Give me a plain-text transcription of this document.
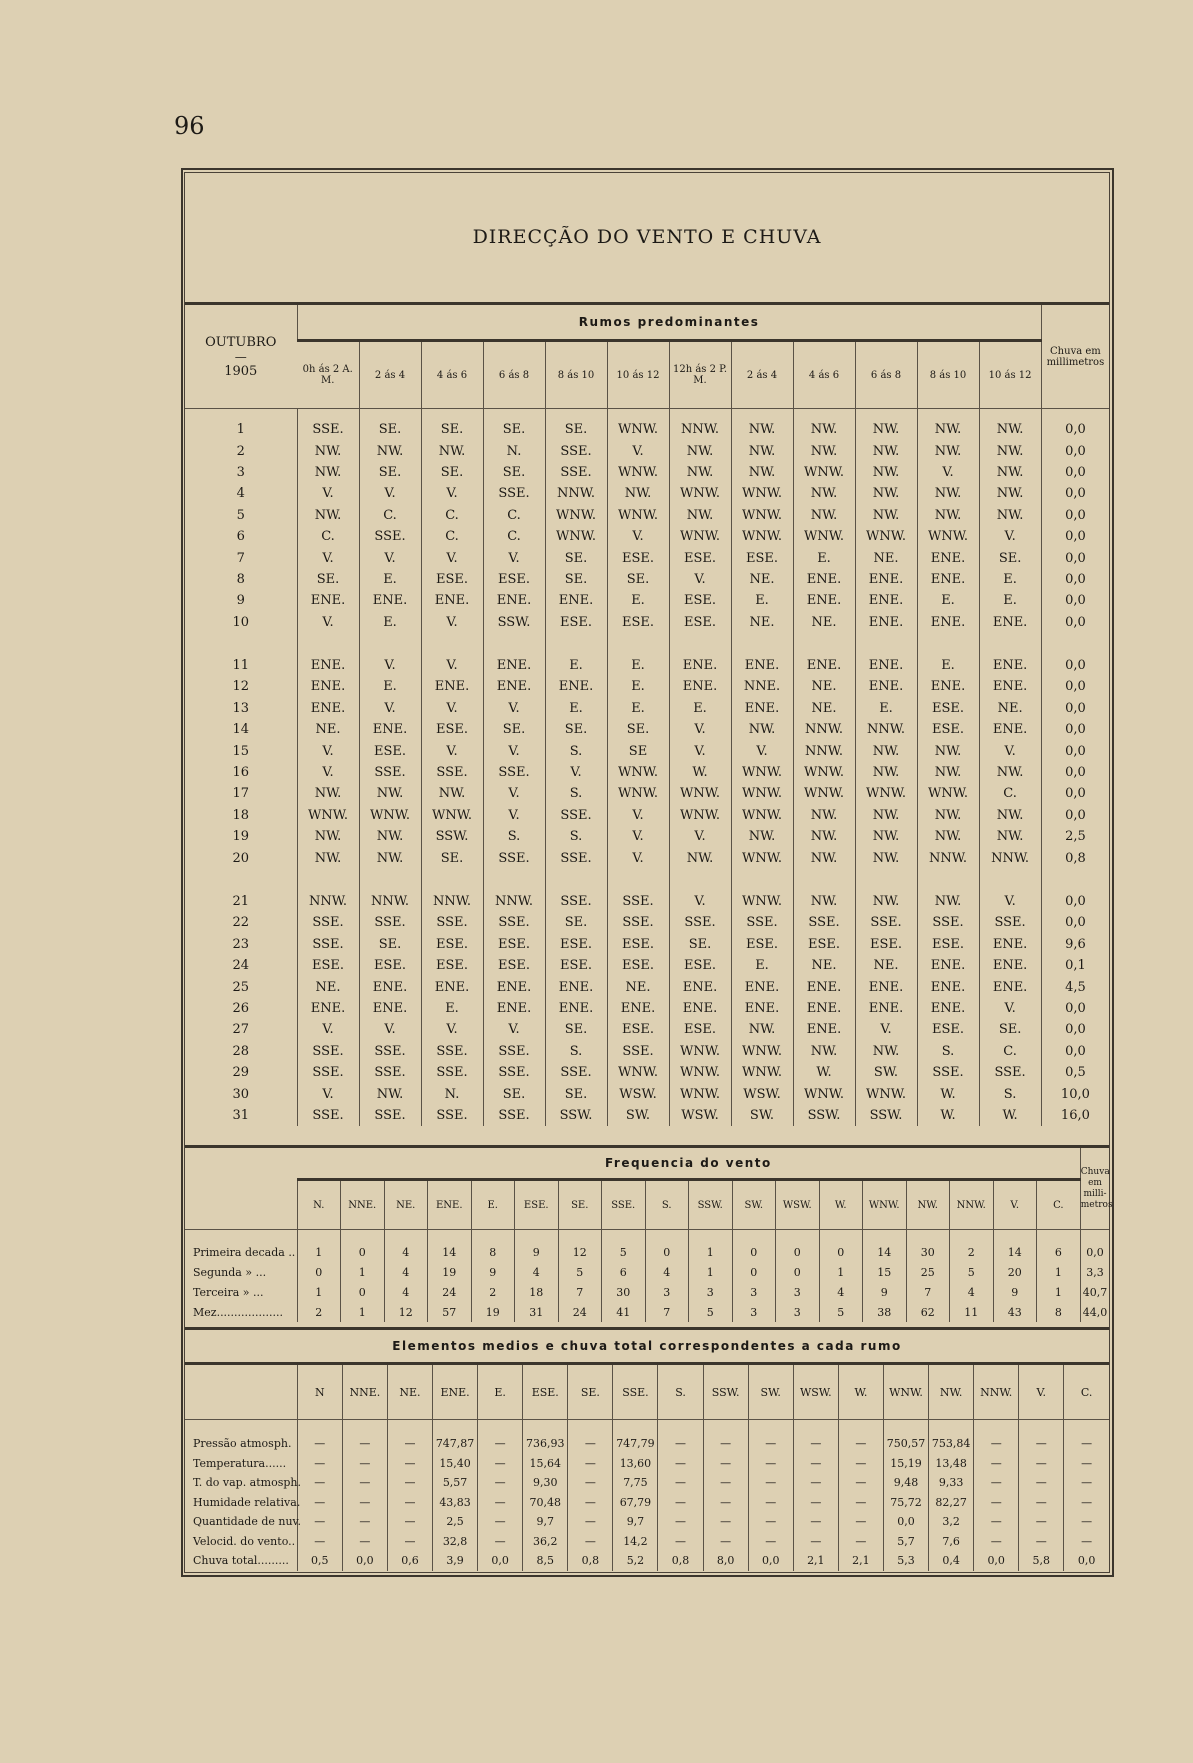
96
DIRECÇÃO DO VENTO E CHUVA
OUTUBRO
—
1905	Rumos predominantes												Chuva em millimetros
	0h ás 2 A. M.	2 ás 4	4 ás 6	6 ás 8	8 ás 10	10 ás 12	12h ás 2 P. M.	2 ás 4	4 ás 6	6 ás 8	8 ás 10	10 ás 12	
1	SSE.	SE.	SE.	SE.	SE.	WNW.	NNW.	NW.	NW.	NW.	NW.	NW.	0,0
2	NW.	NW.	NW.	N.	SSE.	V.	NW.	NW.	NW.	NW.	NW.	NW.	0,0
3	NW.	SE.	SE.	SE.	SSE.	WNW.	NW.	NW.	WNW.	NW.	V.	NW.	0,0
4	V.	V.	V.	SSE.	NNW.	NW.	WNW.	WNW.	NW.	NW.	NW.	NW.	0,0
5	NW.	C.	C.	C.	WNW.	WNW.	NW.	WNW.	NW.	NW.	NW.	NW.	0,0
6	C.	SSE.	C.	C.	WNW.	V.	WNW.	WNW.	WNW.	WNW.	WNW.	V.	0,0
7	V.	V.	V.	V.	SE.	ESE.	ESE.	ESE.	E.	NE.	ENE.	SE.	0,0
8	SE.	E.	ESE.	ESE.	SE.	SE.	V.	NE.	ENE.	ENE.	ENE.	E.	0,0
9	ENE.	ENE.	ENE.	ENE.	ENE.	E.	ESE.	E.	ENE.	ENE.	E.	E.	0,0
10	V.	E.	V.	SSW.	ESE.	ESE.	ESE.	NE.	NE.	ENE.	ENE.	ENE.	0,0

11	ENE.	V.	V.	ENE.	E.	E.	ENE.	ENE.	ENE.	ENE.	E.	ENE.	0,0
12	ENE.	E.	ENE.	ENE.	ENE.	E.	ENE.	NNE.	NE.	ENE.	ENE.	ENE.	0,0
13	ENE.	V.	V.	V.	E.	E.	E.	ENE.	NE.	E.	ESE.	NE.	0,0
14	NE.	ENE.	ESE.	SE.	SE.	SE.	V.	NW.	NNW.	NNW.	ESE.	ENE.	0,0
15	V.	ESE.	V.	V.	S.	SE	V.	V.	NNW.	NW.	NW.	V.	0,0
16	V.	SSE.	SSE.	SSE.	V.	WNW.	W.	WNW.	WNW.	NW.	NW.	NW.	0,0
17	NW.	NW.	NW.	V.	S.	WNW.	WNW.	WNW.	WNW.	WNW.	WNW.	C.	0,0
18	WNW.	WNW.	WNW.	V.	SSE.	V.	WNW.	WNW.	NW.	NW.	NW.	NW.	0,0
19	NW.	NW.	SSW.	S.	S.	V.	V.	NW.	NW.	NW.	NW.	NW.	2,5
20	NW.	NW.	SE.	SSE.	SSE.	V.	NW.	WNW.	NW.	NW.	NNW.	NNW.	0,8

21	NNW.	NNW.	NNW.	NNW.	SSE.	SSE.	V.	WNW.	NW.	NW.	NW.	V.	0,0
22	SSE.	SSE.	SSE.	SSE.	SE.	SSE.	SSE.	SSE.	SSE.	SSE.	SSE.	SSE.	0,0
23	SSE.	SE.	ESE.	ESE.	ESE.	ESE.	SE.	ESE.	ESE.	ESE.	ESE.	ENE.	9,6
24	ESE.	ESE.	ESE.	ESE.	ESE.	ESE.	ESE.	E.	NE.	NE.	ENE.	ENE.	0,1
25	NE.	ENE.	ENE.	ENE.	ENE.	NE.	ENE.	ENE.	ENE.	ENE.	ENE.	ENE.	4,5
26	ENE.	ENE.	E.	ENE.	ENE.	ENE.	ENE.	ENE.	ENE.	ENE.	ENE.	V.	0,0
27	V.	V.	V.	V.	SE.	ESE.	ESE.	NW.	ENE.	V.	ESE.	SE.	0,0
28	SSE.	SSE.	SSE.	SSE.	S.	SSE.	WNW.	WNW.	NW.	NW.	S.	C.	0,0
29	SSE.	SSE.	SSE.	SSE.	SSE.	WNW.	WNW.	WNW.	W.	SW.	SSE.	SSE.	0,5
30	V.	NW.	N.	SE.	SE.	WSW.	WNW.	WSW.	WNW.	WNW.	W.	S.	10,0
31	SSE.	SSE.	SSE.	SSE.	SSW.	SW.	WSW.	SW.	SSW.	SSW.	W.	W.	16,0
	Frequencia do vento																		Chuva em milli- metros
	N.	NNE.	NE.	ENE.	E.	ESE.	SE.	SSE.	S.	SSW.	SW.	WSW.	W.	WNW.	NW.	NNW.	V.	C.	
Primeira decada ..	1	0	4	14	8	9	12	5	0	1	0	0	0	14	30	2	14	6	0,0
Segunda » ...	0	1	4	19	9	4	5	6	4	1	0	0	1	15	25	5	20	1	3,3
Terceira » ...	1	0	4	24	2	18	7	30	3	3	3	3	4	9	7	4	9	1	40,7
Mez...................	2	1	12	57	19	31	24	41	7	5	3	3	5	38	62	11	43	8	44,0
Elementos medios e chuva total correspondentes a cada rumo																		
	N	NNE.	NE.	ENE.	E.	ESE.	SE.	SSE.	S.	SSW.	SW.	WSW.	W.	WNW.	NW.	NNW.	V.	C.
Pressão atmosph.	—	—	—	747,87	—	736,93	—	747,79	—	—	—	—	—	750,57	753,84	—	—	—
Temperatura......	—	—	—	15,40	—	15,64	—	13,60	—	—	—	—	—	15,19	13,48	—	—	—
T. do vap. atmosph.	—	—	—	5,57	—	9,30	—	7,75	—	—	—	—	—	9,48	9,33	—	—	—
Humidade relativa.	—	—	—	43,83	—	70,48	—	67,79	—	—	—	—	—	75,72	82,27	—	—	—
Quantidade de nuv.	—	—	—	2,5	—	9,7	—	9,7	—	—	—	—	—	0,0	3,2	—	—	—
Velocid. do vento..	—	—	—	32,8	—	36,2	—	14,2	—	—	—	—	—	5,7	7,6	—	—	—
Chuva total.........	0,5	0,0	0,6	3,9	0,0	8,5	0,8	5,2	0,8	8,0	0,0	2,1	2,1	5,3	0,4	0,0	5,8	0,0
